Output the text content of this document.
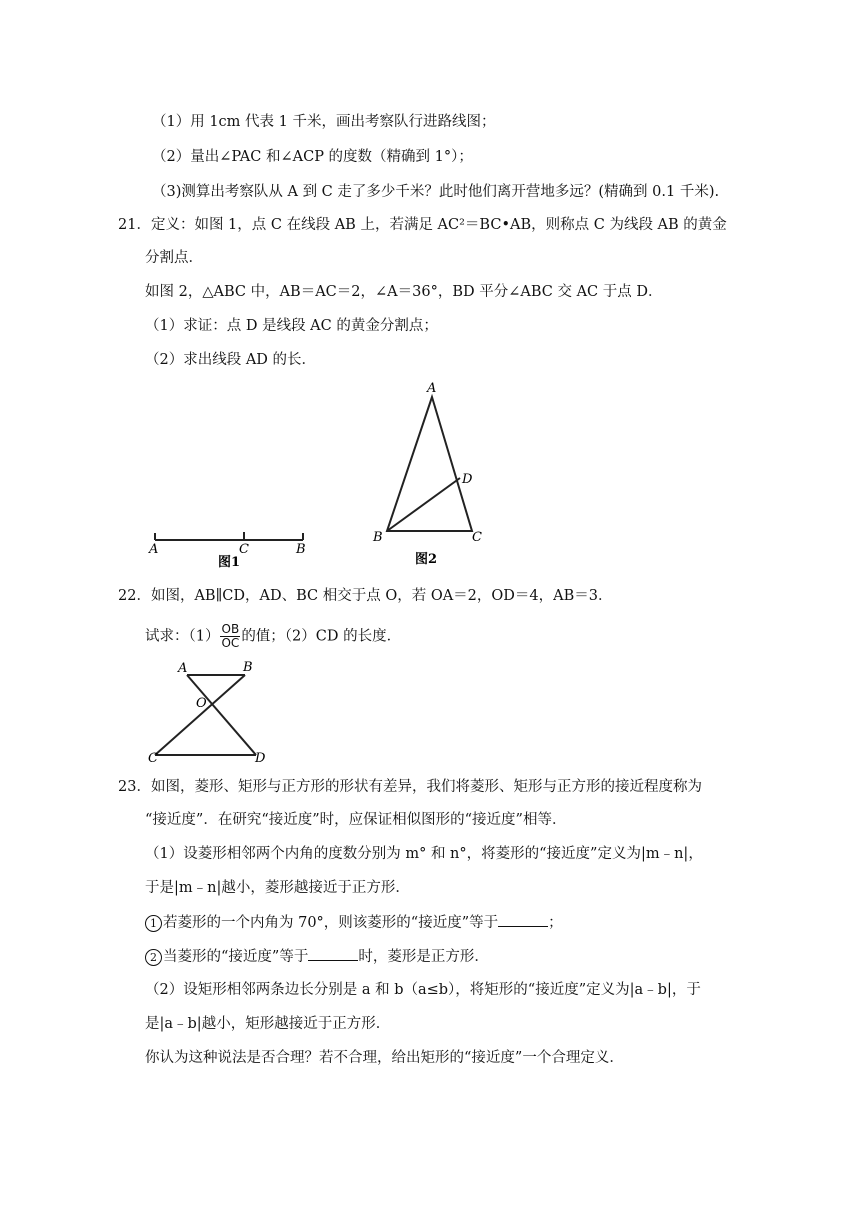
（1）用 1cm 代表 1 千米，画出考察队行进路线图；
（2）量出∠PAC 和∠ACP 的度数（精确到 1°）；
（3)测算出考察队从 A 到 C 走了多少千米？此时他们离开营地多远？(精确到 0.1 千米).
21．定义：如图 1，点 C 在线段 AB 上，若满足 AC²＝BC•AB，则称点 C 为线段 AB 的黄金
分割点．
如图 2，△ABC 中，AB＝AC＝2，∠A＝36°，BD 平分∠ABC 交 AC 于点 D．
（1）求证：点 D 是线段 AC 的黄金分割点；
（2）求出线段 AD 的长．
A	C	B
图1
A
D
B	C
图2
22．如图，AB∥CD，AD、BC 相交于点 O，若 OA＝2，OD＝4，AB＝3．
试求：$(1) \frac{OB}{OC}$ 的值；（2）CD 的长度．
A	B
O
C	D
23．如图，菱形、矩形与正方形的形状有差异，我们将菱形、矩形与正方形的接近程度称为
“接近度”．在研究“接近度”时，应保证相似图形的“接近度”相等．
（1）设菱形相邻两个内角的度数分别为 m° 和 n°，将菱形的“接近度”定义为|m﹣n|，
于是|m﹣n|越小，菱形越接近于正方形．
1 若菱形的一个内角为 70°，则该菱形的“接近度”等于	；
2 当菱形的“接近度”等于	时，菱形是正方形．
（2）设矩形相邻两条边长分别是 a 和 b（a≤b），将矩形的“接近度”定义为|a﹣b|，于
是|a﹣b|越小，矩形越接近于正方形．
你认为这种说法是否合理？若不合理，给出矩形的“接近度”一个合理定义．
